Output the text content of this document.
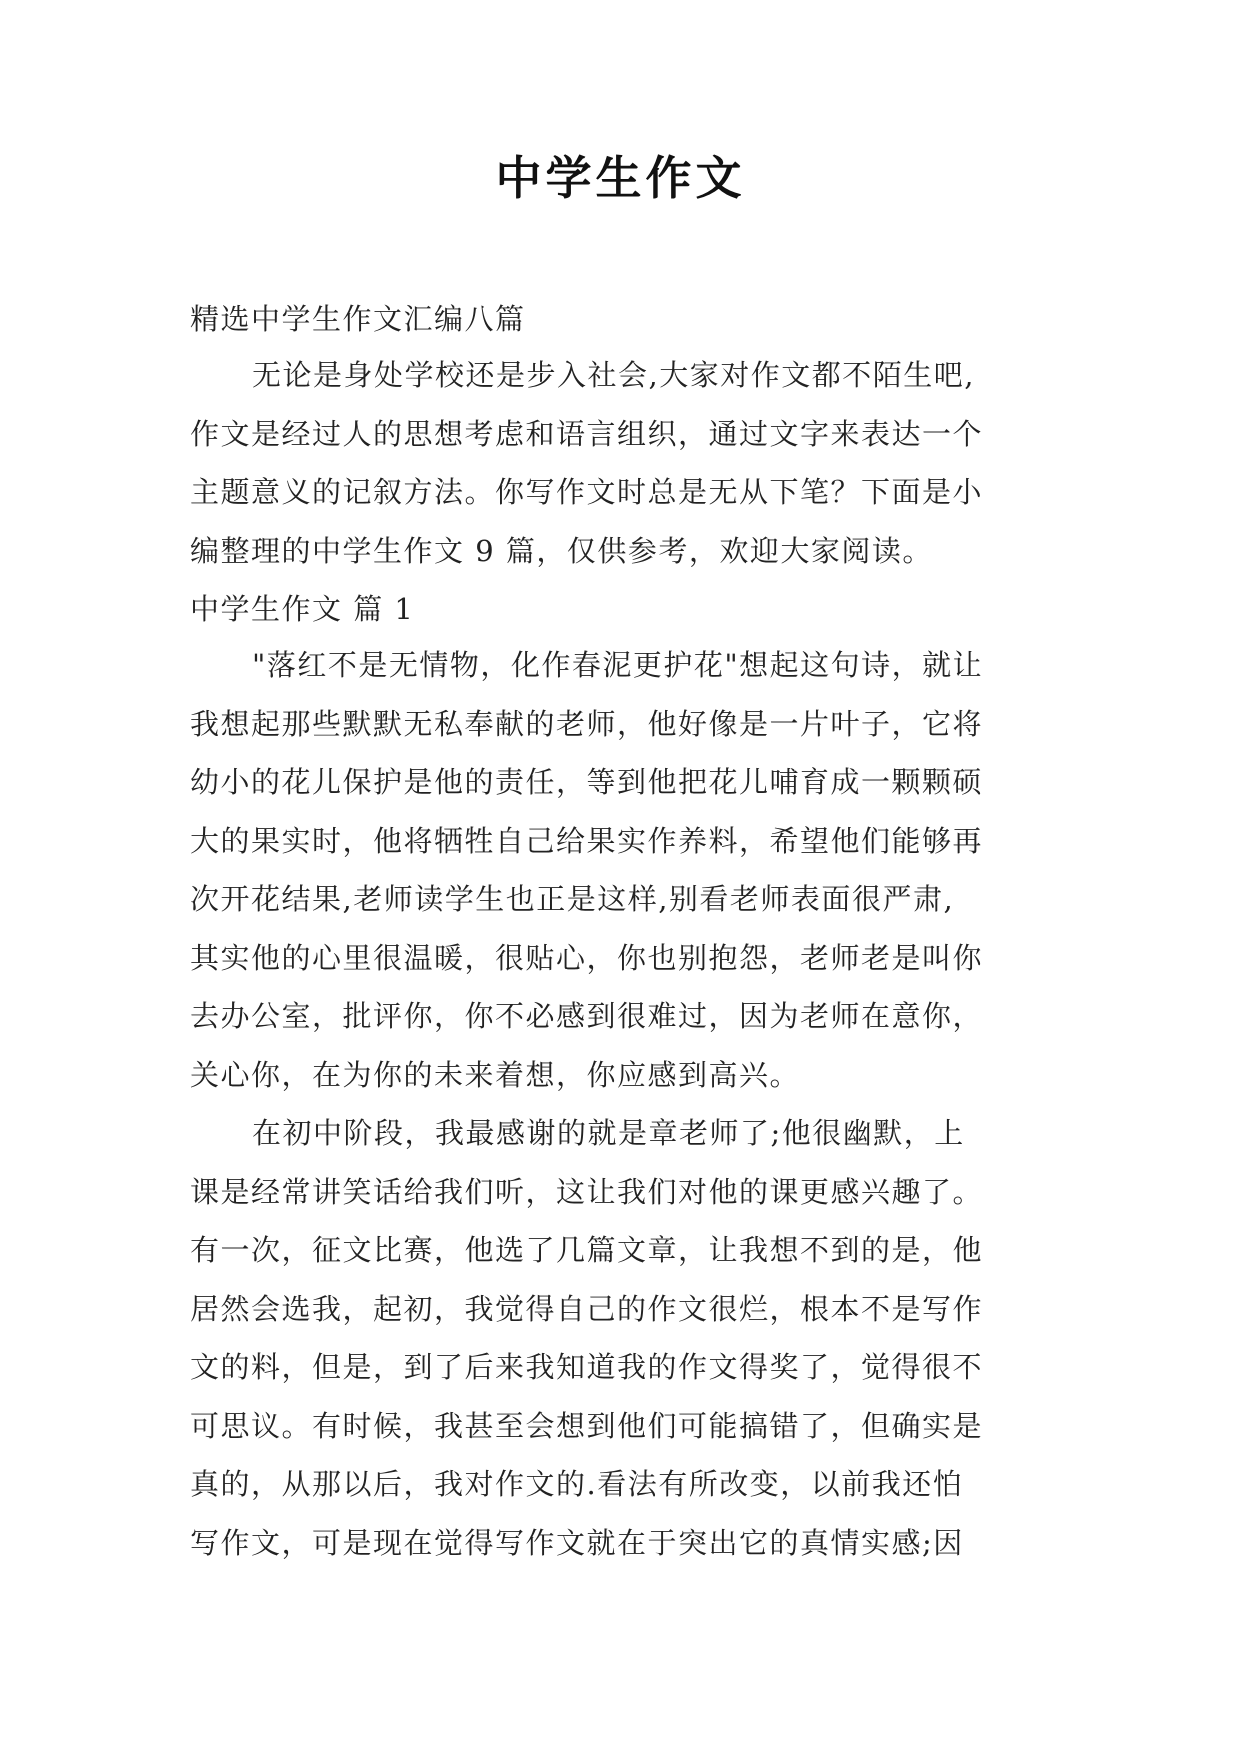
中学生作文
精选中学生作文汇编八篇
无论是身处学校还是步入社会,大家对作文都不陌生吧,
作文是经过人的思想考虑和语言组织，通过文字来表达一个
主题意义的记叙方法。你写作文时总是无从下笔？下面是小
编整理的中学生作文 9 篇，仅供参考，欢迎大家阅读。
中学生作文 篇 1
"落红不是无情物，化作春泥更护花"想起这句诗，就让
我想起那些默默无私奉献的老师，他好像是一片叶子，它将
幼小的花儿保护是他的责任，等到他把花儿哺育成一颗颗硕
大的果实时，他将牺牲自己给果实作养料，希望他们能够再
次开花结果,老师读学生也正是这样,别看老师表面很严肃,
其实他的心里很温暖，很贴心，你也别抱怨，老师老是叫你
去办公室，批评你，你不必感到很难过，因为老师在意你，
关心你，在为你的未来着想，你应感到高兴。
在初中阶段，我最感谢的就是章老师了;他很幽默，上
课是经常讲笑话给我们听，这让我们对他的课更感兴趣了。
有一次，征文比赛，他选了几篇文章，让我想不到的是，他
居然会选我，起初，我觉得自己的作文很烂，根本不是写作
文的料，但是，到了后来我知道我的作文得奖了，觉得很不
可思议。有时候，我甚至会想到他们可能搞错了，但确实是
真的，从那以后，我对作文的.看法有所改变，以前我还怕
写作文，可是现在觉得写作文就在于突出它的真情实感;因
